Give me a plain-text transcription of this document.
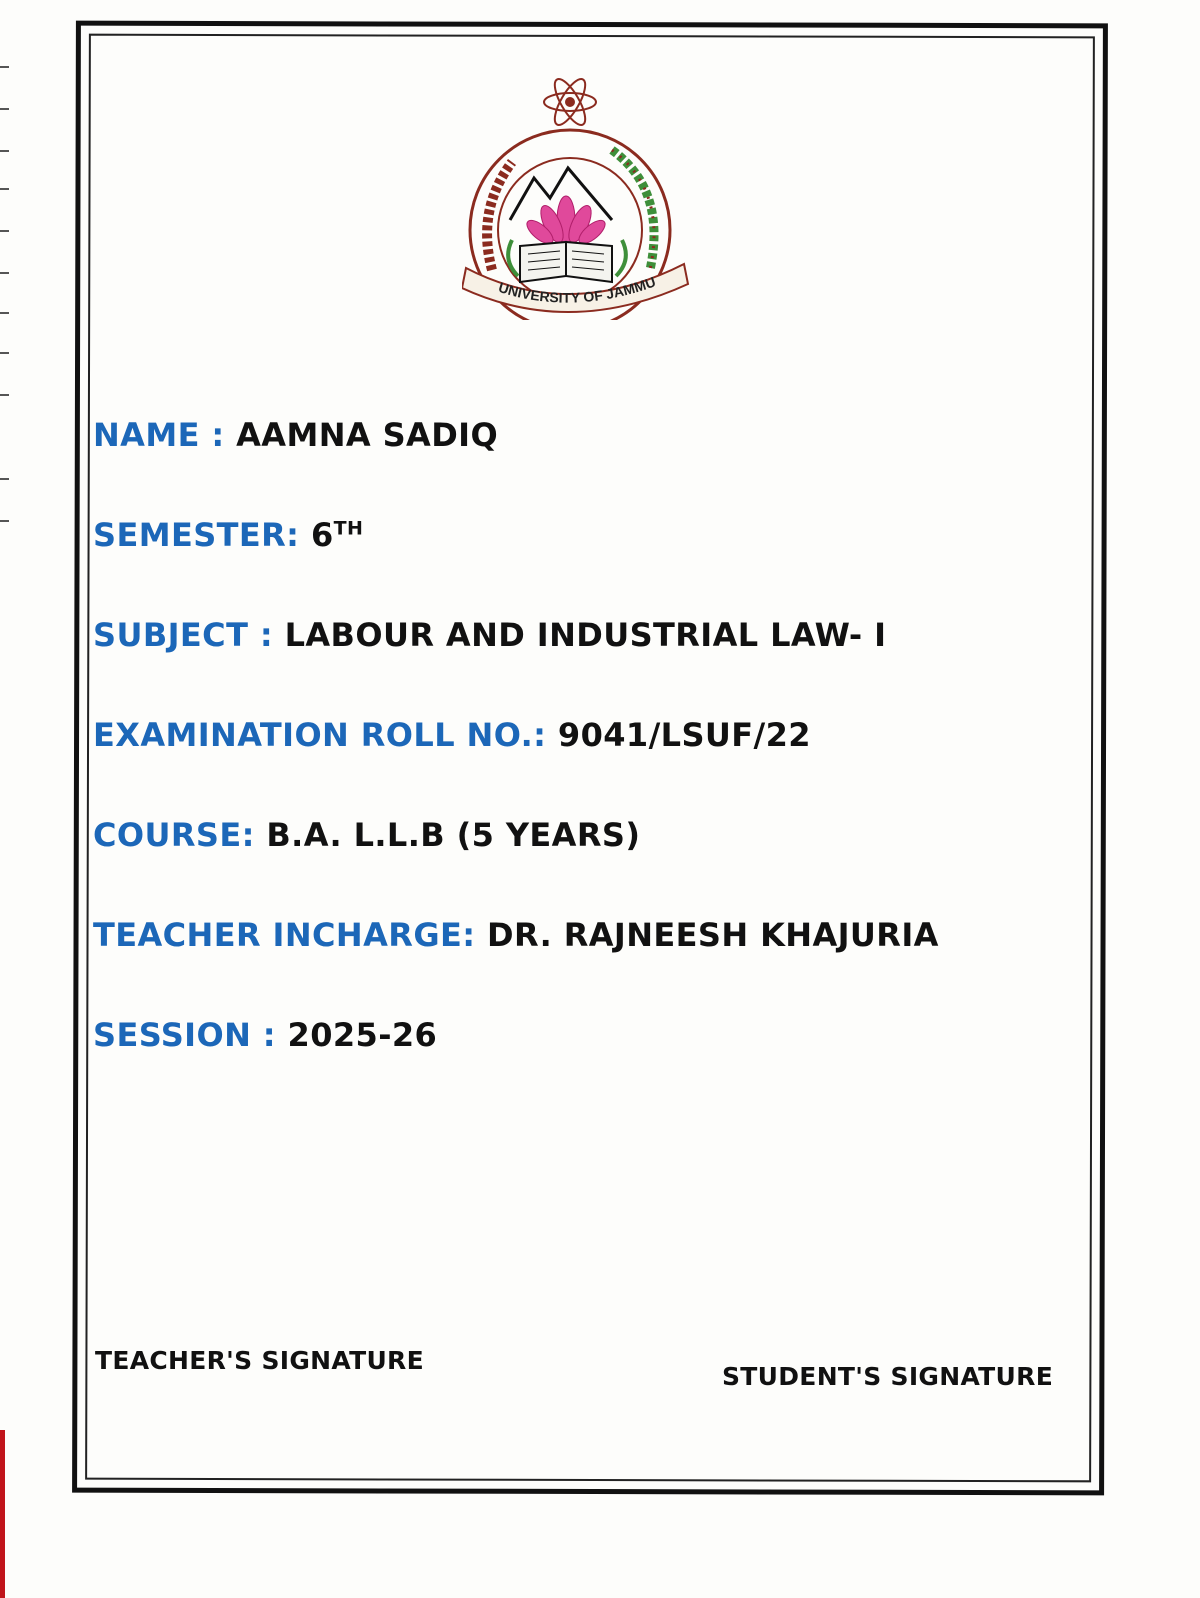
UNIVERSITY OF JAMMU
NAME : AAMNA SADIQ
SEMESTER: 6TH
SUBJECT : LABOUR AND INDUSTRIAL LAW- I
EXAMINATION ROLL NO.: 9041/LSUF/22
COURSE: B.A. L.L.B (5 YEARS)
TEACHER INCHARGE: DR. RAJNEESH KHAJURIA
SESSION : 2025-26
TEACHER'S SIGNATURE
STUDENT'S SIGNATURE
